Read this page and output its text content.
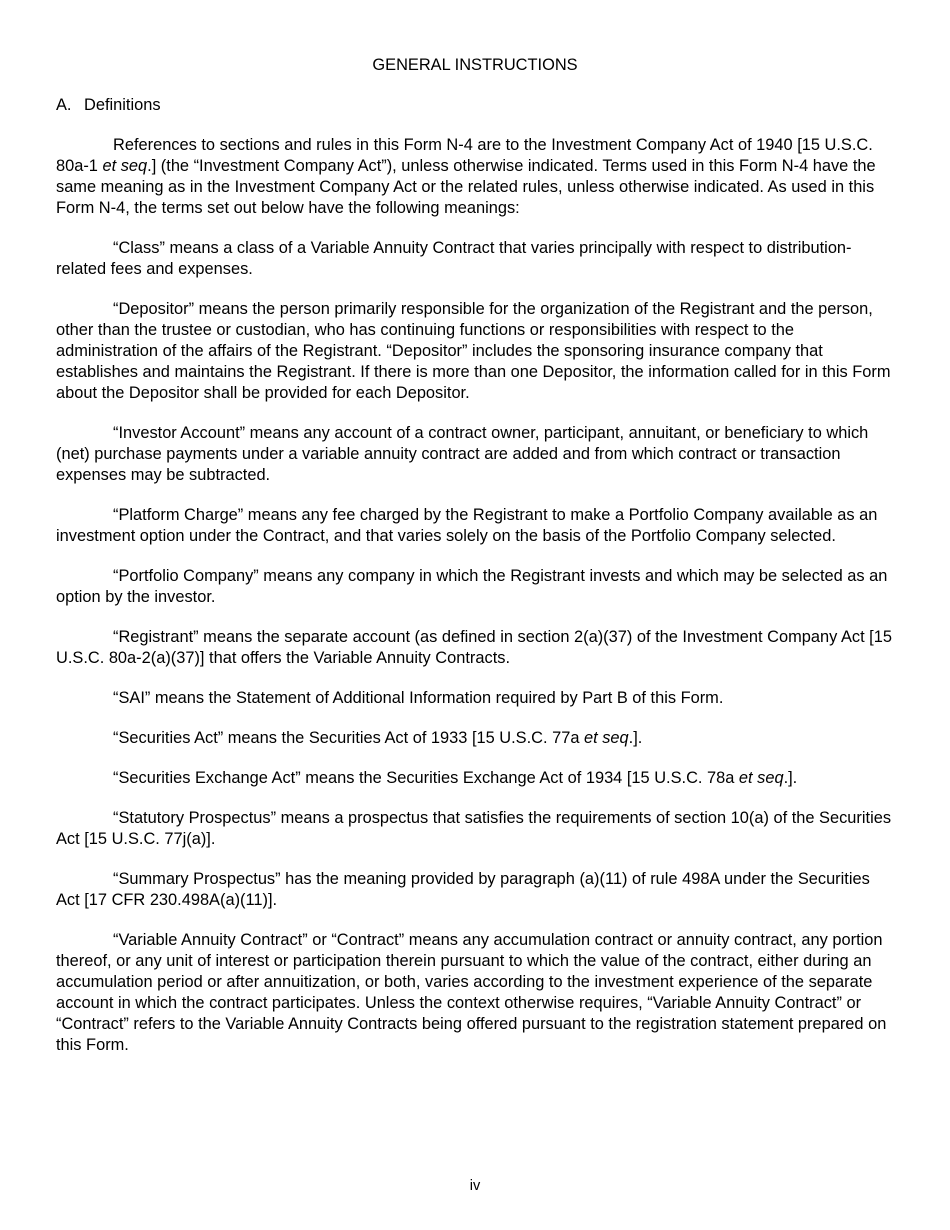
GENERAL INSTRUCTIONS
A. Definitions

References to sections and rules in this Form N-4 are to the Investment Company Act of 1940 [15 U.S.C. 80a-1 et seq.] (the “Investment Company Act”), unless otherwise indicated. Terms used in this Form N-4 have the same meaning as in the Investment Company Act or the related rules, unless otherwise indicated. As used in this Form N-4, the terms set out below have the following meanings:

“Class” means a class of a Variable Annuity Contract that varies principally with respect to distribution-related fees and expenses.

“Depositor” means the person primarily responsible for the organization of the Registrant and the person, other than the trustee or custodian, who has continuing functions or responsibilities with respect to the administration of the affairs of the Registrant. “Depositor” includes the sponsoring insurance company that establishes and maintains the Registrant. If there is more than one Depositor, the information called for in this Form about the Depositor shall be provided for each Depositor.

“Investor Account” means any account of a contract owner, participant, annuitant, or beneficiary to which (net) purchase payments under a variable annuity contract are added and from which contract or transaction expenses may be subtracted.

“Platform Charge” means any fee charged by the Registrant to make a Portfolio Company available as an investment option under the Contract, and that varies solely on the basis of the Portfolio Company selected.

“Portfolio Company” means any company in which the Registrant invests and which may be selected as an option by the investor.

“Registrant” means the separate account (as defined in section 2(a)(37) of the Investment Company Act [15 U.S.C. 80a-2(a)(37)] that offers the Variable Annuity Contracts.

“SAI” means the Statement of Additional Information required by Part B of this Form.

“Securities Act” means the Securities Act of 1933 [15 U.S.C. 77a et seq.].

“Securities Exchange Act” means the Securities Exchange Act of 1934 [15 U.S.C. 78a et seq.].

“Statutory Prospectus” means a prospectus that satisfies the requirements of section 10(a) of the Securities Act [15 U.S.C. 77j(a)].

“Summary Prospectus” has the meaning provided by paragraph (a)(11) of rule 498A under the Securities Act [17 CFR 230.498A(a)(11)].

“Variable Annuity Contract” or “Contract” means any accumulation contract or annuity contract, any portion thereof, or any unit of interest or participation therein pursuant to which the value of the contract, either during an accumulation period or after annuitization, or both, varies according to the investment experience of the separate account in which the contract participates. Unless the context otherwise requires, “Variable Annuity Contract” or “Contract” refers to the Variable Annuity Contracts being offered pursuant to the registration statement prepared on this Form.

iv
